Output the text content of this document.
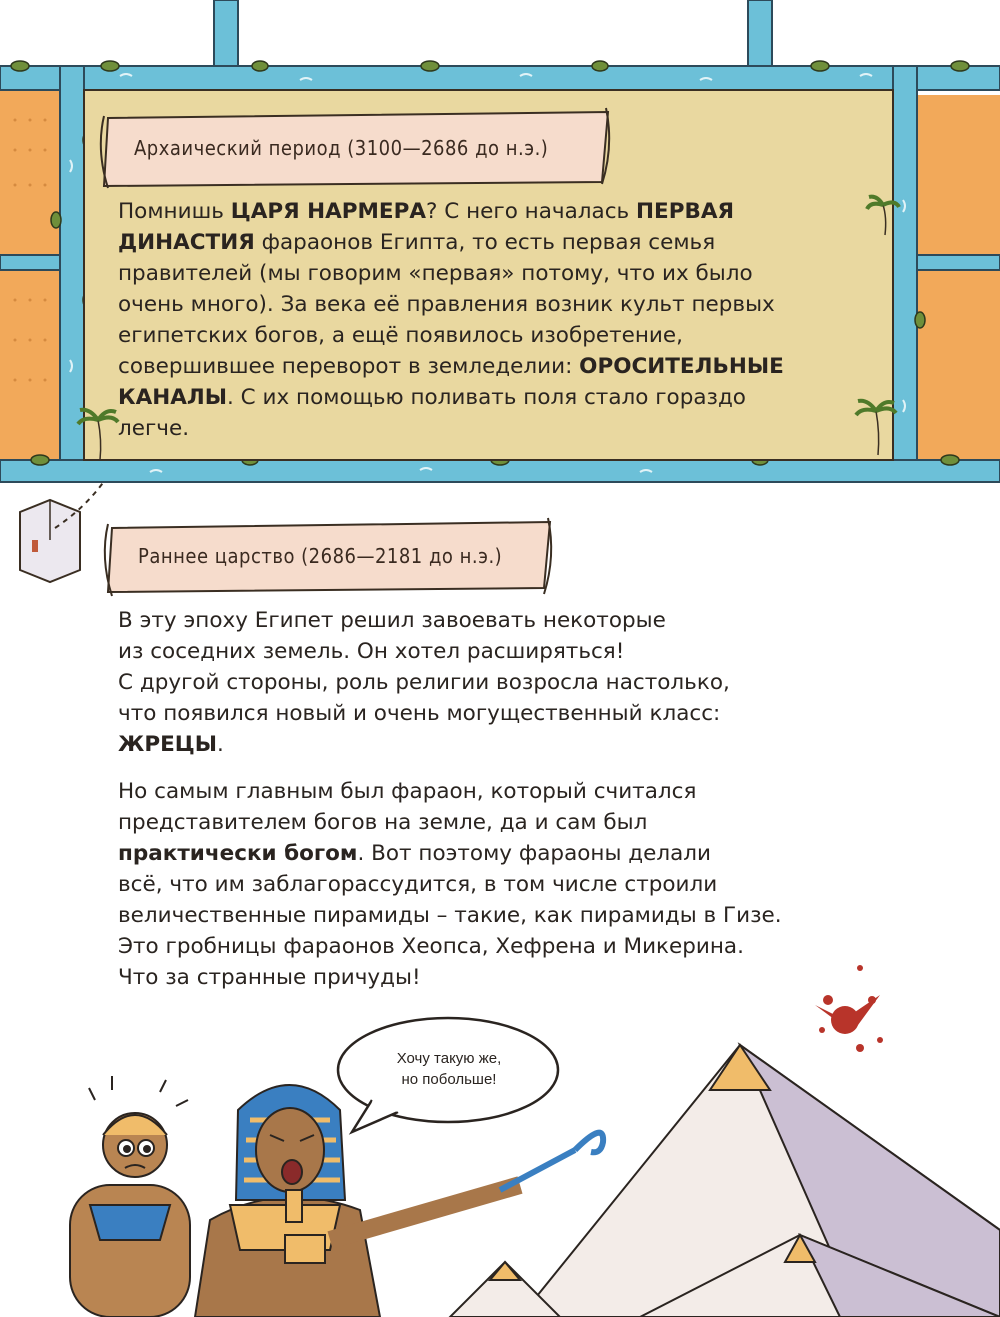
Архаический период (3100—2686 до н.э.)
Помнишь ЦАРЯ НАРМЕРА? С него началась ПЕРВАЯ
ДИНАСТИЯ фараонов Египта, то есть первая семья
правителей (мы говорим «первая» потому, что их было
очень много). За века её правления возник культ первых
египетских богов, а ещё появилось изобретение,
совершившее переворот в земледелии: ОРОСИТЕЛЬНЫЕ
КАНАЛЫ. С их помощью поливать поля стало гораздо
легче.
Раннее царство (2686—2181 до н.э.)
В эту эпоху Египет решил завоевать некоторые
из соседних земель. Он хотел расширяться!
С другой стороны, роль религии возросла настолько,
что появился новый и очень могущественный класс:
ЖРЕЦЫ.
Но самым главным был фараон, который считался
представителем богов на земле, да и сам был
практически богом. Вот поэтому фараоны делали
всё, что им заблагорассудится, в том числе строили
величественные пирамиды – такие, как пирамиды в Гизе.
Это гробницы фараонов Хеопса, Хефрена и Микерина.
Что за странные причуды!
Хочу такую же,
но побольше!
